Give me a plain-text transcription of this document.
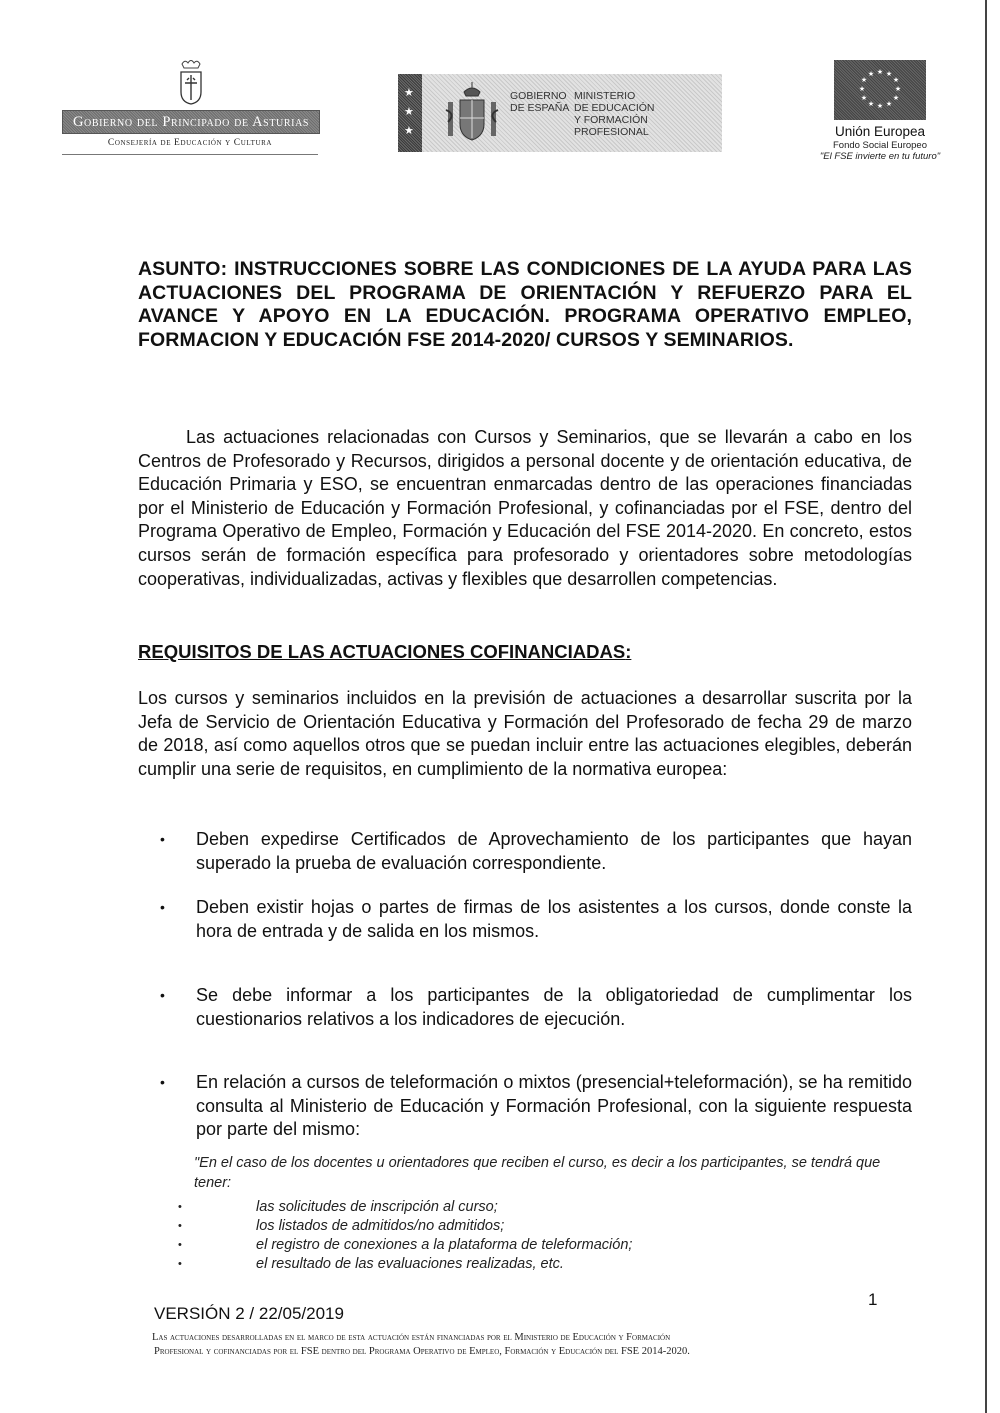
Gobierno del Principado de Asturias
Consejería de Educación y Cultura
★
★
★
GOBIERNO
DE ESPAÑA
MINISTERIO
DE EDUCACIÓN
Y FORMACIÓN PROFESIONAL
★ ★
★
★
★
★
★
★
★
★
★
★
Unión Europea
Fondo Social Europeo
"El FSE invierte en tu futuro"
ASUNTO: INSTRUCCIONES SOBRE LAS CONDICIONES DE LA AYUDA PARA LAS ACTUACIONES DEL PROGRAMA DE ORIENTACIÓN Y REFUERZO PARA EL AVANCE Y APOYO EN LA EDUCACIÓN. PROGRAMA OPERATIVO EMPLEO, FORMACION Y EDUCACIÓN FSE 2014-2020/ CURSOS Y SEMINARIOS.
Las actuaciones relacionadas con Cursos y Seminarios, que se llevarán a cabo en los Centros de Profesorado y Recursos, dirigidos a personal docente y de orientación educativa, de Educación Primaria y ESO, se encuentran enmarcadas dentro de las operaciones financiadas por el Ministerio de Educación y Formación Profesional, y cofinanciadas por el FSE, dentro del Programa Operativo de Empleo, Formación y Educación del FSE 2014-2020. En concreto, estos cursos serán de formación específica para profesorado y orientadores sobre metodologías cooperativas, individualizadas, activas y flexibles que desarrollen competencias.
REQUISITOS DE LAS ACTUACIONES COFINANCIADAS:
Los cursos y seminarios incluidos en la previsión de actuaciones a desarrollar suscrita por la Jefa de Servicio de Orientación Educativa y Formación del Profesorado de fecha 29 de marzo de 2018, así como aquellos otros que se puedan incluir entre las actuaciones elegibles, deberán cumplir una serie de requisitos, en cumplimiento de la normativa europea:
• Deben expedirse Certificados de Aprovechamiento de los participantes que hayan superado la prueba de evaluación correspondiente.
• Deben existir hojas o partes de firmas de los asistentes a los cursos, donde conste la hora de entrada y de salida en los mismos.
• Se debe informar a los participantes de la obligatoriedad de cumplimentar los cuestionarios relativos a los indicadores de ejecución.
• En relación a cursos de teleformación o mixtos (presencial+teleformación), se ha remitido consulta al Ministerio de Educación y Formación Profesional, con la siguiente respuesta por parte del mismo:
"En el caso de los docentes u orientadores que reciben el curso, es decir a los participantes, se tendrá que tener:
•	las solicitudes de inscripción al curso;
•	los listados de admitidos/no admitidos;
•	el registro de conexiones a la plataforma de teleformación;
•	el resultado de las evaluaciones realizadas, etc.
1
VERSIÓN 2 / 22/05/2019
Las actuaciones desarrolladas en el marco de esta actuación están financiadas por el Ministerio de Educación y Formación
Profesional y cofinanciadas por el FSE dentro del Programa Operativo de Empleo, Formación y Educación del FSE 2014-2020.
